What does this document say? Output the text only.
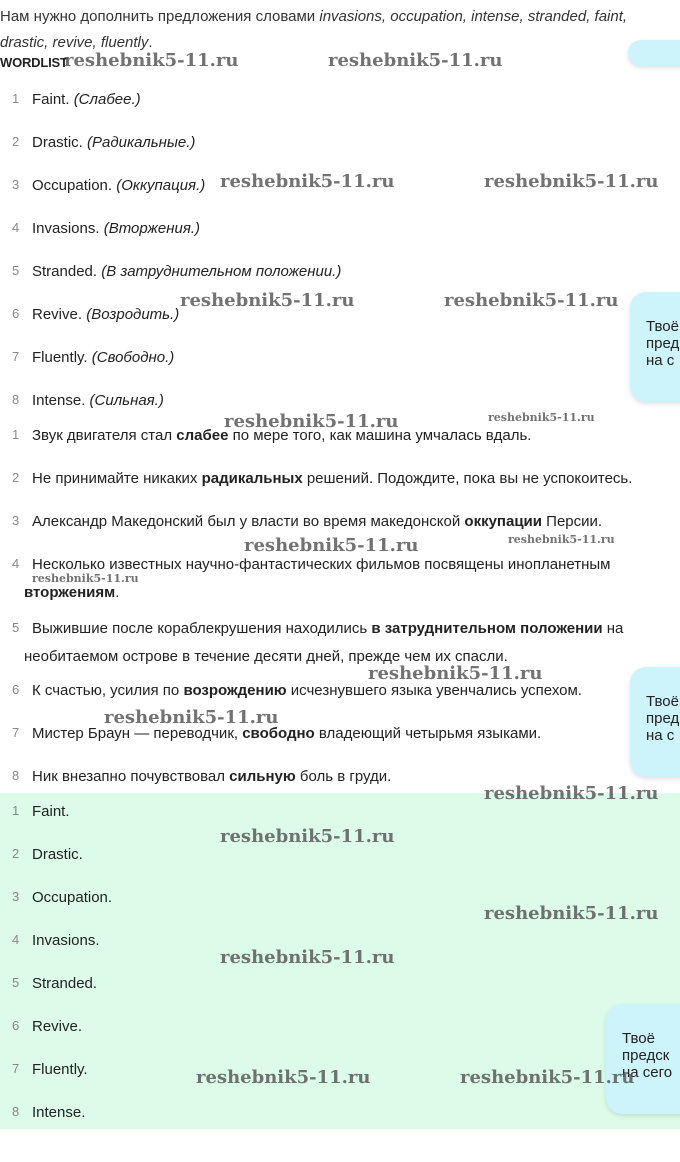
Нам нужно дополнить предложения словами invasions, occupation, intense, stranded, faint, drastic, revive, fluently.
WORDLIST
1 Faint. (Слабее.)
2 Drastic. (Радикальные.)
3 Occupation. (Оккупация.)
4 Invasions. (Вторжения.)
5 Stranded. (В затруднительном положении.)
6 Revive. (Возродить.)
7 Fluently. (Свободно.)
8 Intense. (Сильная.)
1 Звук двигателя стал слабее по мере того, как машина умчалась вдаль.
2 Не принимайте никаких радикальных решений. Подождите, пока вы не успокоитесь.
3 Александр Македонский был у власти во время македонской оккупации Персии.
4 Несколько известных научно-фантастических фильмов посвящены инопланетным
вторжениям.
5 Выжившие после кораблекрушения находились в затруднительном положении на
необитаемом острове в течение десяти дней, прежде чем их спасли.
6 К счастью, усилия по возрождению исчезнувшего языка увенчались успехом.
7 Мистер Браун — переводчик, свободно владеющий четырьмя языками.
8 Ник внезапно почувствовал сильную боль в груди.
1 Faint.
2 Drastic.
3 Occupation.
4 Invasions.
5 Stranded.
6 Revive.
7 Fluently.
8 Intense.
Твоё
пред
на с
Твоё
пред
на с
Твоё
предск
на сего
reshebnik5-11.ru	reshebnik5-11.ru
reshebnik5-11.ru	reshebnik5-11.ru
reshebnik5-11.ru	reshebnik5-11.ru
reshebnik5-11.ru	reshebnik5-11.ru
reshebnik5-11.ru	reshebnik5-11.ru
reshebnik5-11.ru
reshebnik5-11.ru
reshebnik5-11.ru
reshebnik5-11.ru
reshebnik5-11.ru
reshebnik5-11.ru
reshebnik5-11.ru
reshebnik5-11.ru	reshebnik5-11.ru
